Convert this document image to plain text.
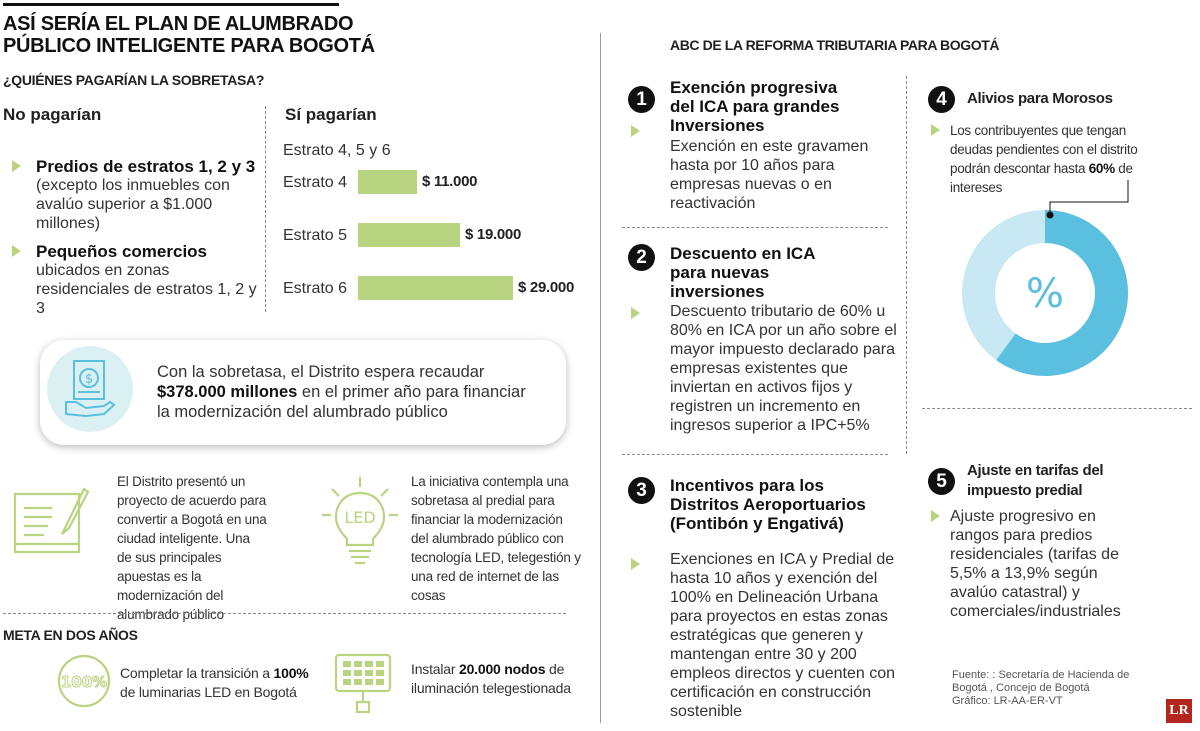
ASÍ SERÍA EL PLAN DE ALUMBRADO
PÚBLICO INTELIGENTE PARA BOGOTÁ
¿QUIÉNES PAGARÍAN LA SOBRETASA?
No pagarían
Predios de estratos 1, 2 y 3
(excepto los inmuebles con avalúo superior a $1.000 millones)
Pequeños comercios
ubicados en zonas residenciales de estratos 1, 2 y 3
Sí pagarían
Estrato 4, 5 y 6
Estrato 4	$ 11.000
Estrato 5	$ 19.000
Estrato 6	$ 29.000
$	Con la sobretasa, el Distrito espera recaudar
$378.000 millones en el primer año para financiar
la modernización del alumbrado público
El Distrito presentó un proyecto de acuerdo para convertir a Bogotá en una ciudad inteligente. Una de sus principales apuestas es la modernización del alumbrado público
LED
La iniciativa contempla una sobretasa al predial para financiar la modernización del alumbrado público con tecnología LED, telegestión y una red de internet de las cosas
META EN DOS AÑOS
100% Completar la transición a 100%
de luminarias LED en Bogotá
Instalar 20.000 nodos de
iluminación telegestionada
ABC DE LA REFORMA TRIBUTARIA PARA BOGOTÁ
1
Exención progresiva del ICA para grandes Inversiones
Exención en este gravamen hasta por 10 años para empresas nuevas o en reactivación
2	Descuento en ICA para nuevas inversiones
Descuento tributario de 60% u 80% en ICA por un año sobre el mayor impuesto declarado para empresas existentes que inviertan en activos fijos y registren un incremento en ingresos superior a IPC+5%
3	Incentivos para los Distritos Aeroportuarios (Fontibón y Engativá)
Exenciones en ICA y Predial de hasta 10 años y exención del 100% en Delineación Urbana para proyectos en estas zonas estratégicas que generen y mantengan entre 30 y 200 empleos directos y cuenten con certificación en construcción sostenible
4	Alivios para Morosos
Los contribuyentes que tengan deudas pendientes con el distrito podrán descontar hasta 60% de intereses
%
5
Ajuste en tarifas del impuesto predial
Ajuste progresivo en rangos para predios residenciales (tarifas de 5,5% a 13,9% según avalúo catastral) y comerciales/industriales
Fuente: : Secretaría de Hacienda de
Bogotá , Concejo de Bogotá
Gráfico: LR-AA-ER-VT
LR
